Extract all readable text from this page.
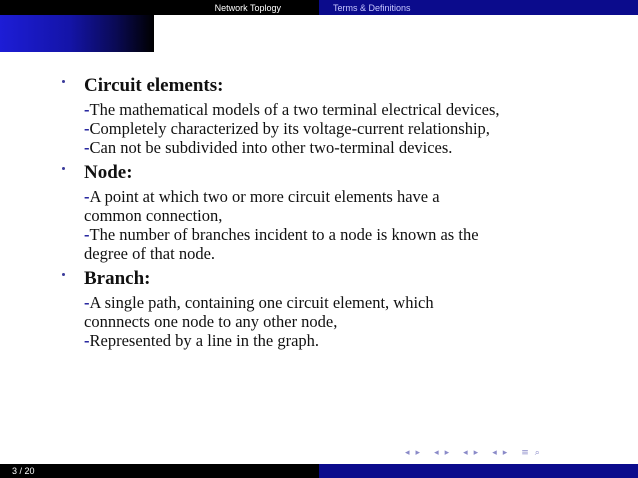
Network Toplogy	Terms & Definitions
Circuit elements:
-The mathematical models of a two terminal electrical devices,
-Completely characterized by its voltage-current relationship,
-Can not be subdivided into other two-terminal devices.
Node:
-A point at which two or more circuit elements have a
common connection,
-The number of branches incident to a node is known as the
degree of that node.
Branch:
-A single path, containing one circuit element, which
connnects one node to any other node,
-Represented by a line in the graph.
◂ ▸ ◂ ▸ ◂ ▸ ◂ ▸ ≡ ⌕
3 / 20
